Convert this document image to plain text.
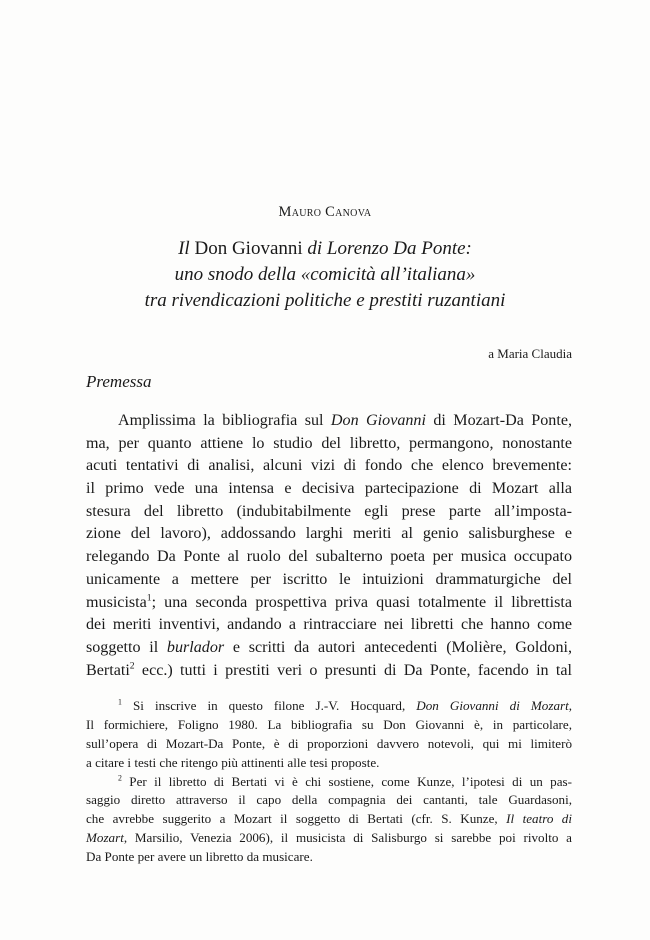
Mauro Canova
Il Don Giovanni di Lorenzo Da Ponte:
uno snodo della «comicità all’italiana»
tra rivendicazioni politiche e prestiti ruzantiani
a Maria Claudia
Premessa
Amplissima la bibliografia sul Don Giovanni di Mozart-Da Ponte,
ma, per quanto attiene lo studio del libretto, permangono, nonostante
acuti tentativi di analisi, alcuni vizi di fondo che elenco brevemente:
il primo vede una intensa e decisiva partecipazione di Mozart alla
stesura del libretto (indubitabilmente egli prese parte all’imposta-
zione del lavoro), addossando larghi meriti al genio salisburghese e
relegando Da Ponte al ruolo del subalterno poeta per musica occupato
unicamente a mettere per iscritto le intuizioni drammaturgiche del
musicista$^1$; una seconda prospettiva priva quasi totalmente il librettista
dei meriti inventivi, andando a rintracciare nei libretti che hanno come
soggetto il burlador e scritti da autori antecedenti (Molière, Goldoni,
Bertati$^2$ ecc.) tutti i prestiti veri o presunti di Da Ponte, facendo in tal
$^1$ Si inscrive in questo filone J.-V. Hocquard, Don Giovanni di Mozart,
Il formichiere, Foligno 1980. La bibliografia su Don Giovanni è, in particolare,
sull’opera di Mozart-Da Ponte, è di proporzioni davvero notevoli, qui mi limiterò
a citare i testi che ritengo più attinenti alle tesi proposte.
$^2$ Per il libretto di Bertati vi è chi sostiene, come Kunze, l’ipotesi di un pas-
saggio diretto attraverso il capo della compagnia dei cantanti, tale Guardasoni,
che avrebbe suggerito a Mozart il soggetto di Bertati (cfr. S. Kunze, Il teatro di
Mozart, Marsilio, Venezia 2006), il musicista di Salisburgo si sarebbe poi rivolto a
Da Ponte per avere un libretto da musicare.
